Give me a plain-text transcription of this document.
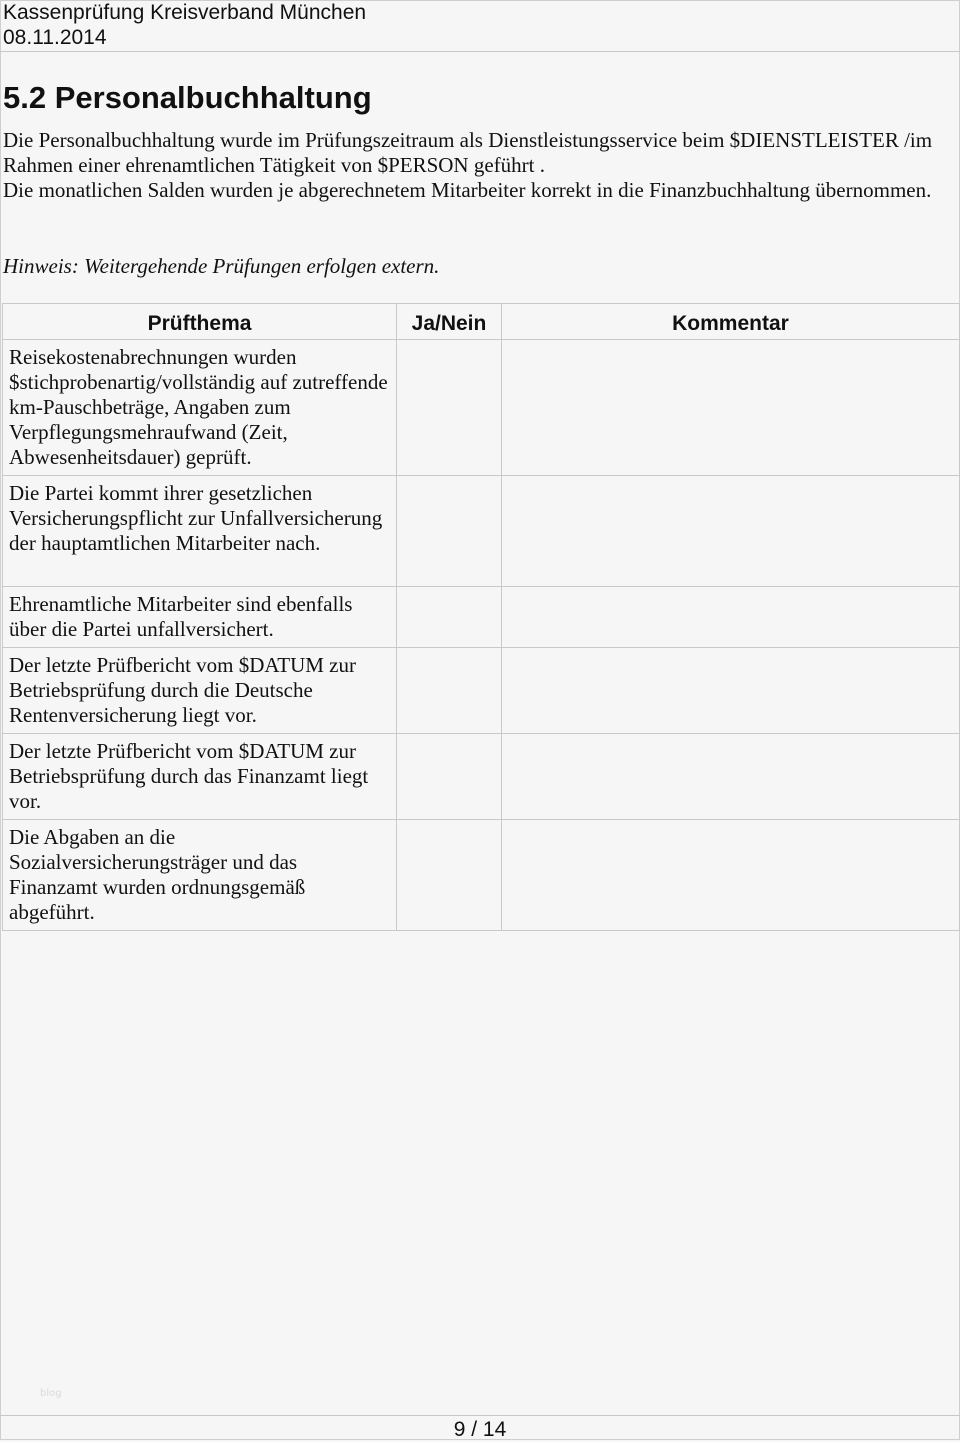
Kassenprüfung Kreisverband München
08.11.2014
5.2 Personalbuchhaltung

Die Personalbuchhaltung wurde im Prüfungszeitraum als Dienstleistungsservice beim $DIENSTLEISTER /im Rahmen einer ehrenamtlichen Tätigkeit von $PERSON geführt .

Die monatlichen Salden wurden je abgerechnetem Mitarbeiter korrekt in die Finanzbuchhaltung übernommen.

Hinweis: Weitergehende Prüfungen erfolgen extern.
Prüfthema	Ja/Nein	Kommentar
Reisekostenabrechnungen wurden $stichprobenartig/vollständig auf zutreffende km-Pauschbeträge, Angaben zum Verpflegungsmehraufwand (Zeit, Abwesenheitsdauer) geprüft.		
Die Partei kommt ihrer gesetzlichen Versicherungspflicht zur Unfallversicherung der hauptamtlichen Mitarbeiter nach.		
Ehrenamtliche Mitarbeiter sind ebenfalls über die Partei unfallversichert.		
Der letzte Prüfbericht vom $DATUM zur Betriebsprüfung durch die Deutsche Rentenversicherung liegt vor.		
Der letzte Prüfbericht vom $DATUM zur Betriebsprüfung durch das Finanzamt liegt vor.		
Die Abgaben an die Sozialversicherungsträger und das Finanzamt wurden ordnungsgemäß abgeführt.		
blog
9 / 14
